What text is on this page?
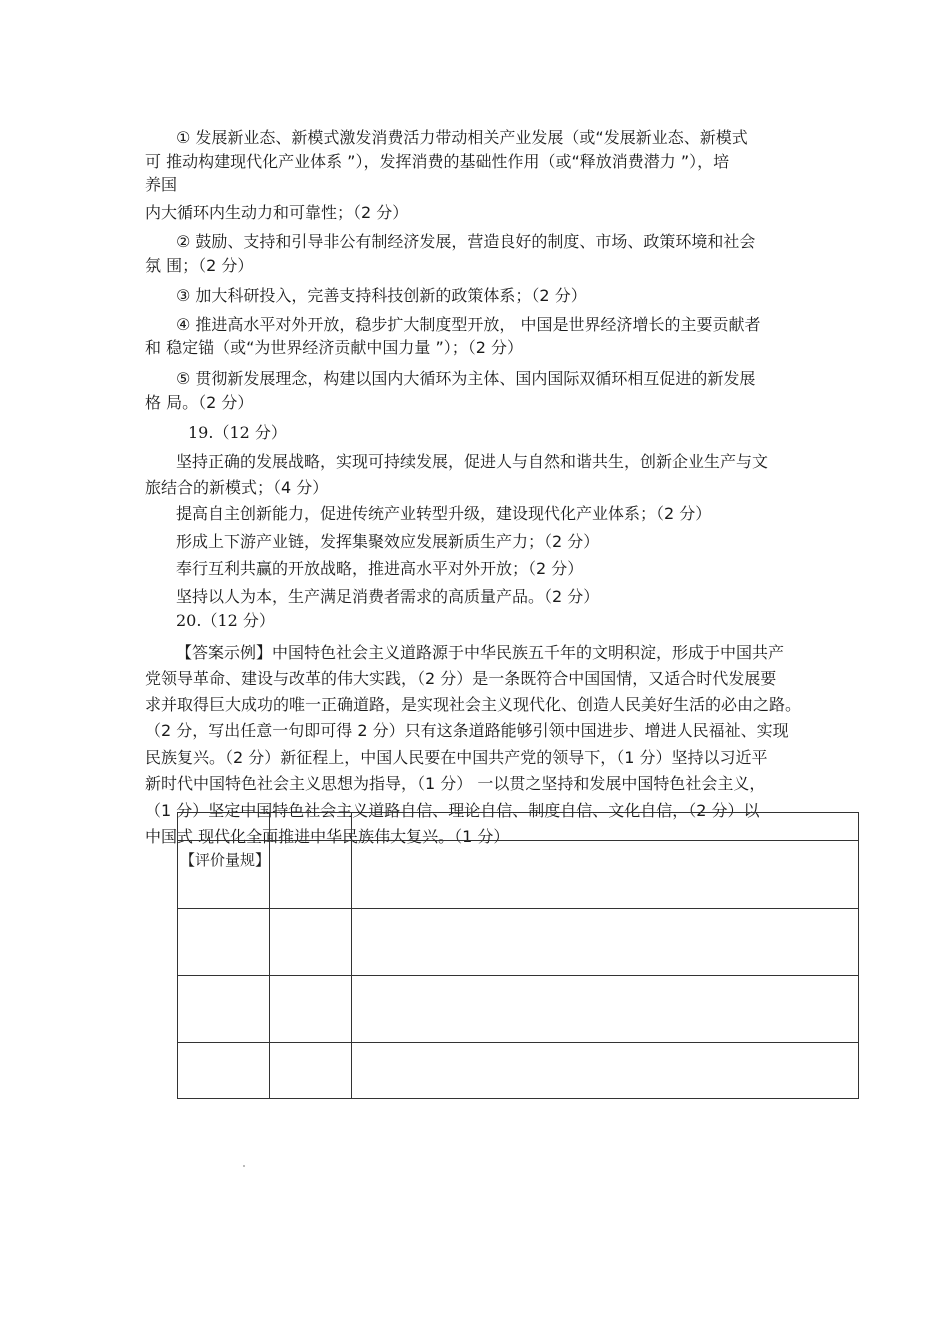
① 发展新业态、新模式激发消费活力带动相关产业发展（或“发展新业态、新模式
可 推动构建现代化产业体系 ”），发挥消费的基础性作用（或“释放消费潜力 ”），培
养国
内大循环内生动力和可靠性；（2 分）
② 鼓励、支持和引导非公有制经济发展，营造良好的制度、市场、政策环境和社会
氛 围；（2 分）
③ 加大科研投入，完善支持科技创新的政策体系；（2 分）
④ 推进高水平对外开放，稳步扩大制度型开放， 中国是世界经济增长的主要贡献者
和 稳定锚（或“为世界经济贡献中国力量 ”）；（2 分）
⑤ 贯彻新发展理念，构建以国内大循环为主体、国内国际双循环相互促进的新发展
格 局。（2 分）
19.（12 分）
坚持正确的发展战略，实现可持续发展，促进人与自然和谐共生，创新企业生产与文
旅结合的新模式；（4 分）
提高自主创新能力，促进传统产业转型升级，建设现代化产业体系；（2 分）
形成上下游产业链，发挥集聚效应发展新质生产力；（2 分）
奉行互利共赢的开放战略，推进高水平对外开放；（2 分）
坚持以人为本，生产满足消费者需求的高质量产品。（2 分）
20.（12 分）
【答案示例】中国特色社会主义道路源于中华民族五千年的文明积淀，形成于中国共产
党领导革命、建设与改革的伟大实践，（2 分）是一条既符合中国国情，又适合时代发展要
求并取得巨大成功的唯一正确道路，是实现社会主义现代化、创造人民美好生活的必由之路。
（2 分，写出任意一句即可得 2 分）只有这条道路能够引领中国进步、增进人民福祉、实现
民族复兴。（2 分）新征程上，中国人民要在中国共产党的领导下，（1 分）坚持以习近平
新时代中国特色社会主义思想为指导，（1 分） 一以贯之坚持和发展中国特色社会主义，
（1 分）坚定中国特色社会主义道路自信、理论自信、制度自信、文化自信，（2 分）以
中国式 现代化全面推进中华民族伟大复兴。（1 分）

【评价量规】		
